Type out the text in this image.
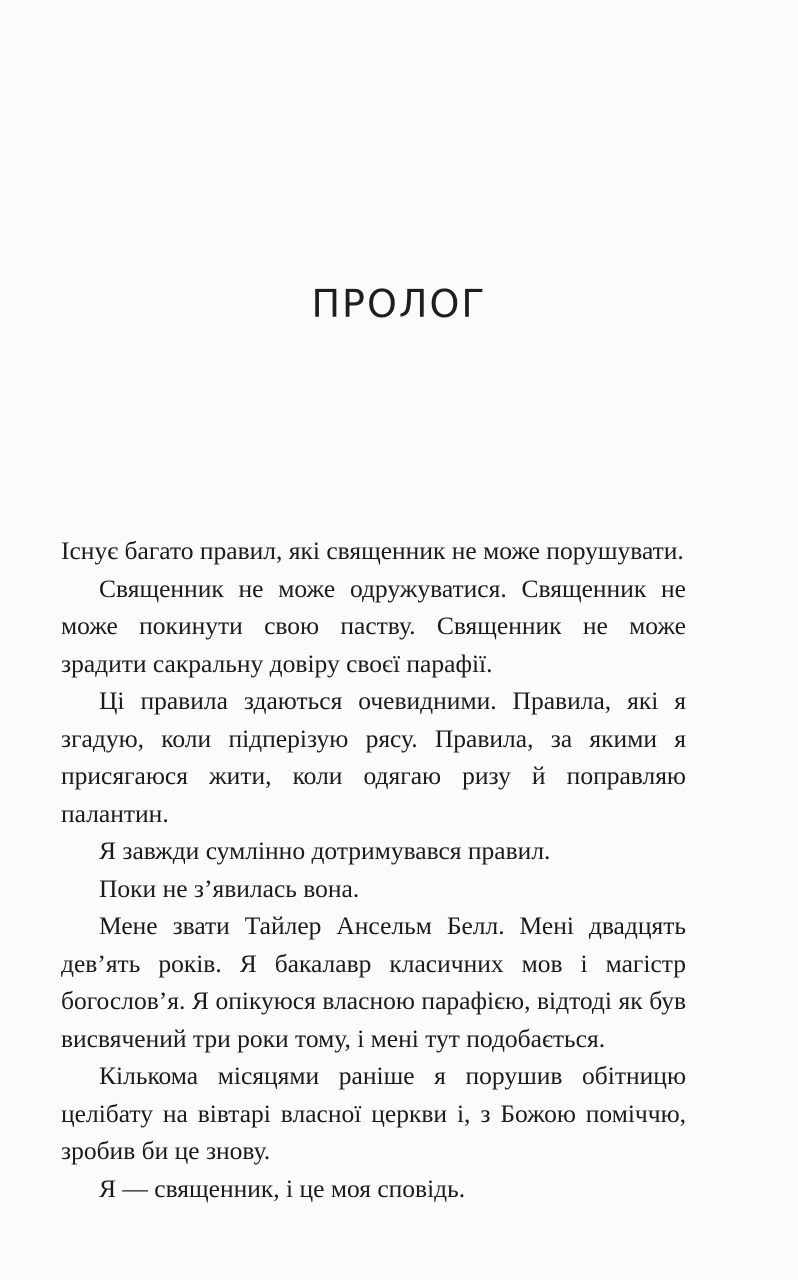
ПРОЛОГ

Існує багато правил, які священник не може порушувати.

Священник не може одружуватися. Священник не може покинути свою паству. Священник не може зрадити сакральну довіру своєї парафії.

Ці правила здаються очевидними. Правила, які я згадую, коли підперізую рясу. Правила, за якими я присягаюся жити, коли одягаю ризу й поправляю палантин.

Я завжди сумлінно дотримувався правил.

Поки не з’явилась вона.

Мене звати Тайлер Ансельм Белл. Мені двадцять дев’ять років. Я бакалавр класичних мов і магістр богослов’я. Я опікуюся власною парафією, відтоді як був висвячений три роки тому, і мені тут подобається.

Кількома місяцями раніше я порушив обітницю целібату на вівтарі власної церкви і, з Божою поміччю, зробив би це знову.

Я — священник, і це моя сповідь.
